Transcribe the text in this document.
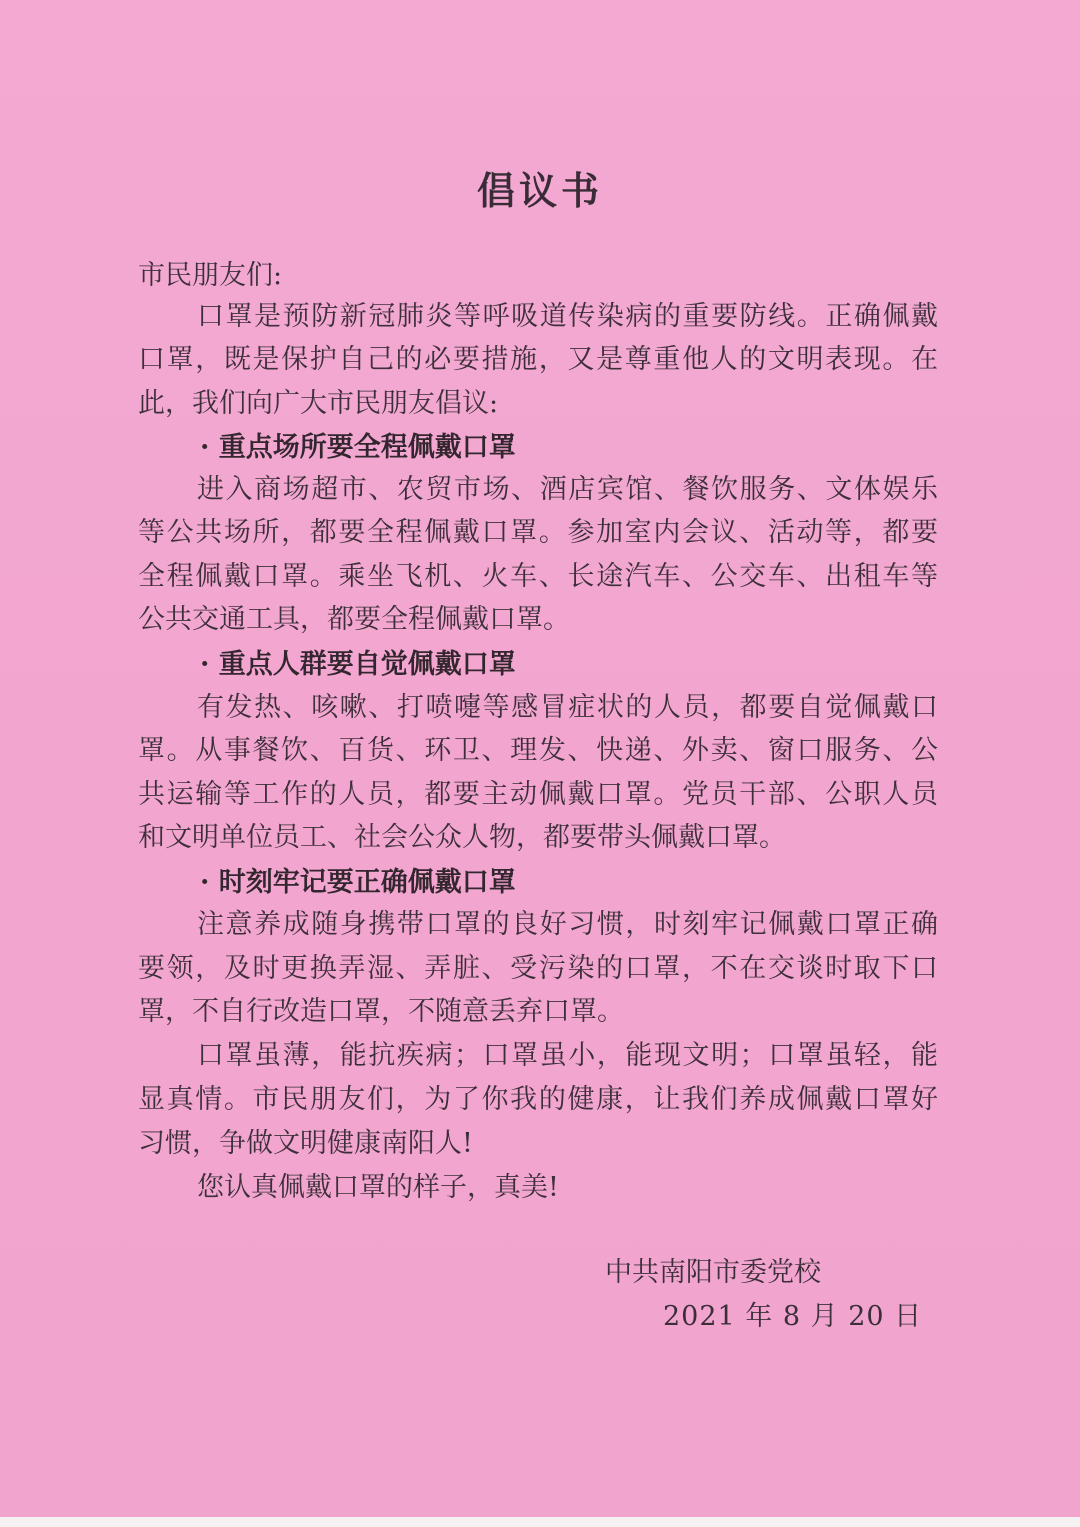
倡议书
市民朋友们:
口罩是预防新冠肺炎等呼吸道传染病的重要防线。正确佩戴
口罩，既是保护自己的必要措施，又是尊重他人的文明表现。在
此，我们向广大市民朋友倡议:
· 重点场所要全程佩戴口罩
进入商场超市、农贸市场、酒店宾馆、餐饮服务、文体娱乐
等公共场所，都要全程佩戴口罩。参加室内会议、活动等，都要
全程佩戴口罩。乘坐飞机、火车、长途汽车、公交车、出租车等
公共交通工具，都要全程佩戴口罩。
· 重点人群要自觉佩戴口罩
有发热、咳嗽、打喷嚏等感冒症状的人员，都要自觉佩戴口
罩。从事餐饮、百货、环卫、理发、快递、外卖、窗口服务、公
共运输等工作的人员，都要主动佩戴口罩。党员干部、公职人员
和文明单位员工、社会公众人物，都要带头佩戴口罩。
· 时刻牢记要正确佩戴口罩
注意养成随身携带口罩的良好习惯，时刻牢记佩戴口罩正确
要领，及时更换弄湿、弄脏、受污染的口罩，不在交谈时取下口
罩，不自行改造口罩，不随意丢弃口罩。
口罩虽薄，能抗疾病；口罩虽小，能现文明；口罩虽轻，能
显真情。市民朋友们，为了你我的健康，让我们养成佩戴口罩好
习惯，争做文明健康南阳人!
您认真佩戴口罩的样子，真美!
中共南阳市委党校
2021 年 8 月 20 日
